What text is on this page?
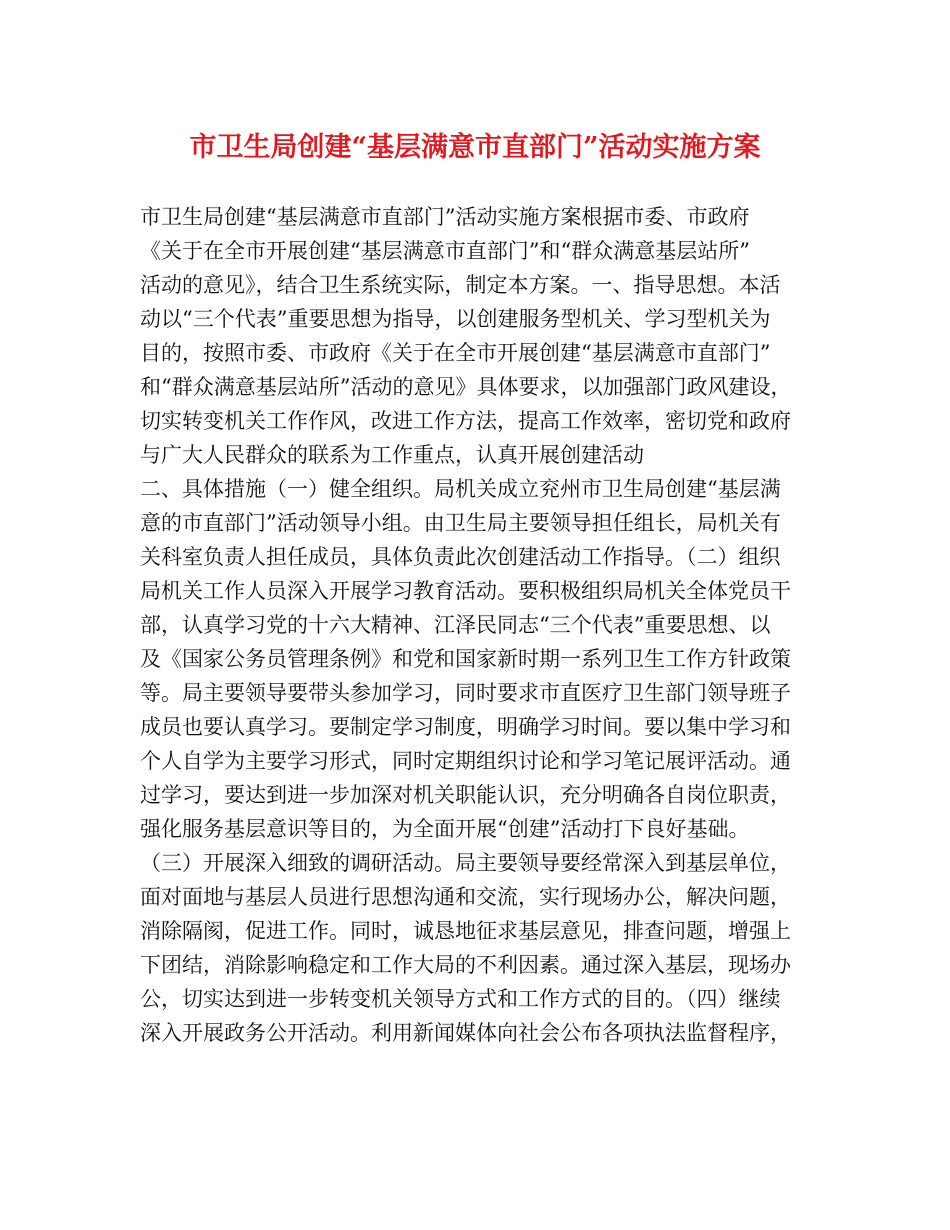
市卫生局创建“基层满意市直部门”活动实施方案
市卫生局创建“基层满意市直部门”活动实施方案根据市委、市政府
《关于在全市开展创建“基层满意市直部门”和“群众满意基层站所”
活动的意见》，结合卫生系统实际，制定本方案。一、指导思想。本活
动以“三个代表”重要思想为指导，以创建服务型机关、学习型机关为
目的，按照市委、市政府《关于在全市开展创建“基层满意市直部门”
和“群众满意基层站所”活动的意见》具体要求，以加强部门政风建设，
切实转变机关工作作风，改进工作方法，提高工作效率，密切党和政府
与广大人民群众的联系为工作重点，认真开展创建活动
二、具体措施（一）健全组织。局机关成立兖州市卫生局创建“基层满
意的市直部门”活动领导小组。由卫生局主要领导担任组长，局机关有
关科室负责人担任成员，具体负责此次创建活动工作指导。（二）组织
局机关工作人员深入开展学习教育活动。要积极组织局机关全体党员干
部，认真学习党的十六大精神、江泽民同志“三个代表”重要思想、以
及《国家公务员管理条例》和党和国家新时期一系列卫生工作方针政策
等。局主要领导要带头参加学习，同时要求市直医疗卫生部门领导班子
成员也要认真学习。要制定学习制度，明确学习时间。要以集中学习和
个人自学为主要学习形式，同时定期组织讨论和学习笔记展评活动。通
过学习，要达到进一步加深对机关职能认识，充分明确各自岗位职责，
强化服务基层意识等目的，为全面开展“创建”活动打下良好基础。
（三）开展深入细致的调研活动。局主要领导要经常深入到基层单位，
面对面地与基层人员进行思想沟通和交流，实行现场办公，解决问题，
消除隔阂，促进工作。同时，诚恳地征求基层意见，排查问题，增强上
下团结，消除影响稳定和工作大局的不利因素。通过深入基层，现场办
公，切实达到进一步转变机关领导方式和工作方式的目的。（四）继续
深入开展政务公开活动。利用新闻媒体向社会公布各项执法监督程序，
